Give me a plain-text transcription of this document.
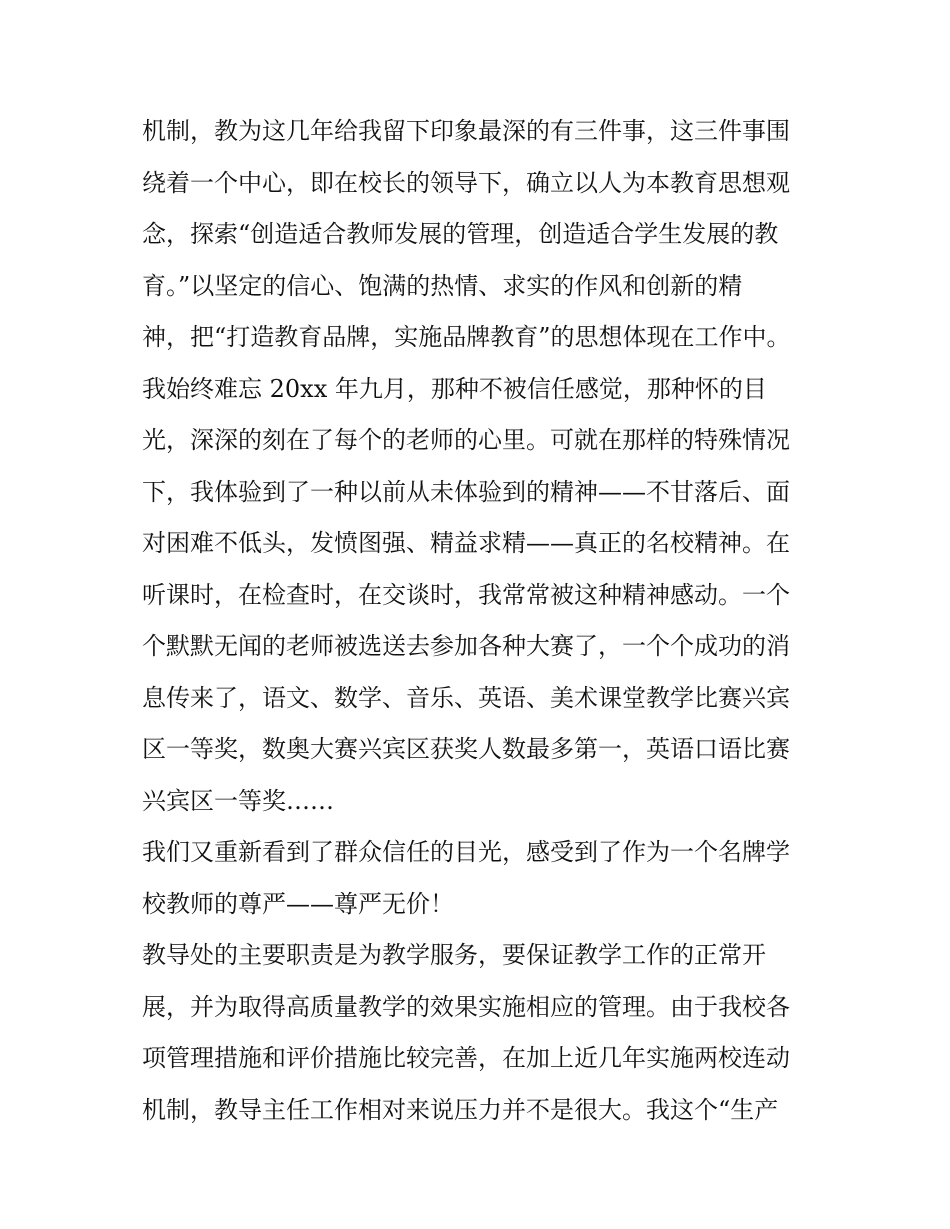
机制，教为这几年给我留下印象最深的有三件事，这三件事围
绕着一个中心，即在校长的领导下，确立以人为本教育思想观
念，探索“创造适合教师发展的管理，创造适合学生发展的教
育。”以坚定的信心、饱满的热情、求实的作风和创新的精
神，把“打造教育品牌，实施品牌教育”的思想体现在工作中。
我始终难忘 20xx 年九月，那种不被信任感觉，那种怀的目
光，深深的刻在了每个的老师的心里。可就在那样的特殊情况
下，我体验到了一种以前从未体验到的精神——不甘落后、面
对困难不低头，发愤图强、精益求精——真正的名校精神。在
听课时，在检查时，在交谈时，我常常被这种精神感动。一个
个默默无闻的老师被选送去参加各种大赛了，一个个成功的消
息传来了，语文、数学、音乐、英语、美术课堂教学比赛兴宾
区一等奖，数奥大赛兴宾区获奖人数最多第一，英语口语比赛
兴宾区一等奖……
我们又重新看到了群众信任的目光，感受到了作为一个名牌学
校教师的尊严——尊严无价！
教导处的主要职责是为教学服务，要保证教学工作的正常开
展，并为取得高质量教学的效果实施相应的管理。由于我校各
项管理措施和评价措施比较完善，在加上近几年实施两校连动
机制，教导主任工作相对来说压力并不是很大。我这个“生产
